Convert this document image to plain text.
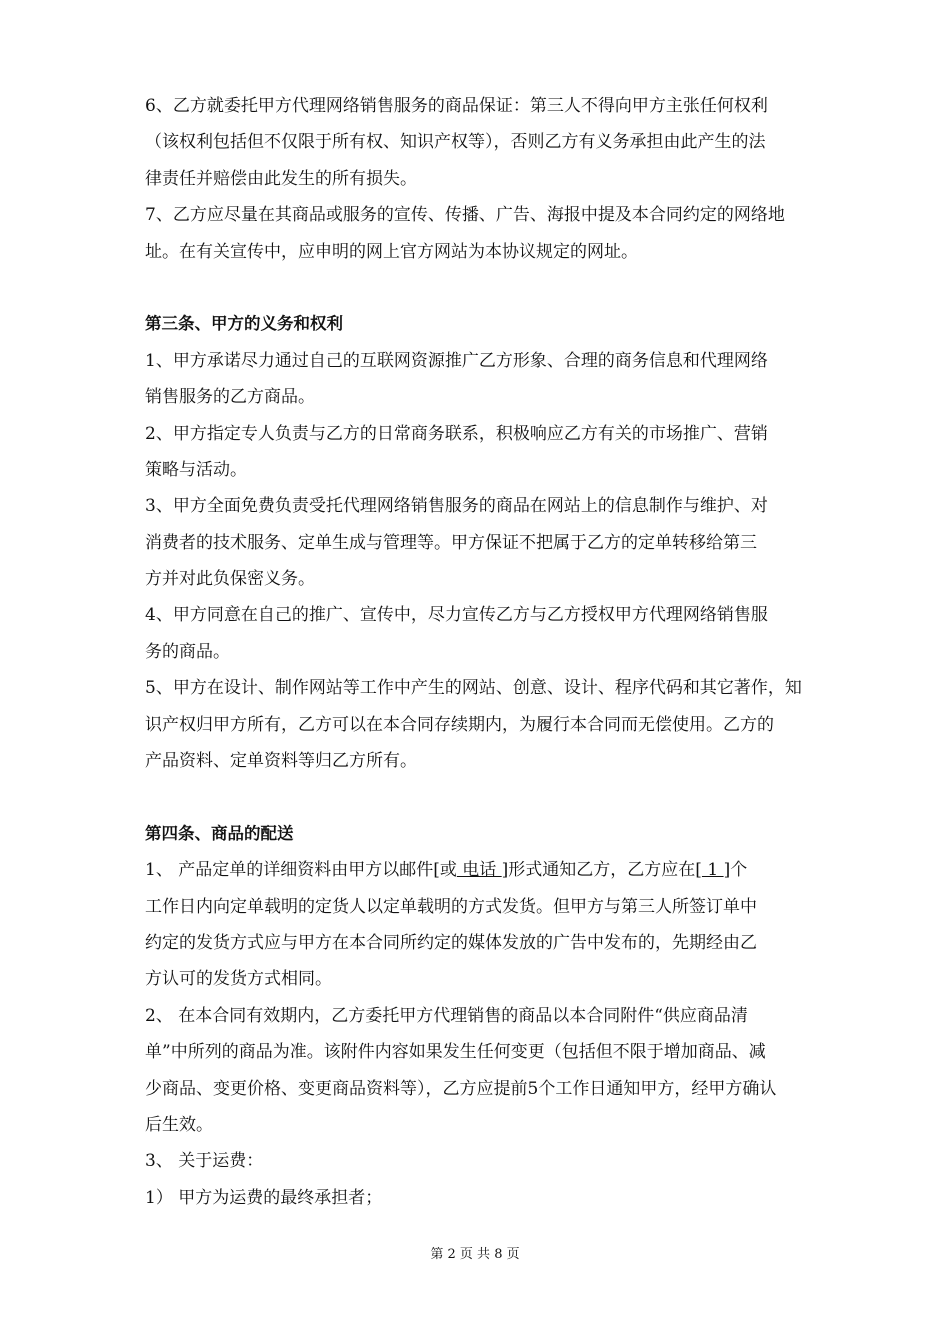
6、乙方就委托甲方代理网络销售服务的商品保证：第三人不得向甲方主张任何权利
（该权利包括但不仅限于所有权、知识产权等），否则乙方有义务承担由此产生的法
律责任并赔偿由此发生的所有损失。
7、乙方应尽量在其商品或服务的宣传、传播、广告、海报中提及本合同约定的网络地
址。在有关宣传中，应申明的网上官方网站为本协议规定的网址。
第三条、甲方的义务和权利
1、甲方承诺尽力通过自己的互联网资源推广乙方形象、合理的商务信息和代理网络
销售服务的乙方商品。
2、甲方指定专人负责与乙方的日常商务联系，积极响应乙方有关的市场推广、营销
策略与活动。
3、甲方全面免费负责受托代理网络销售服务的商品在网站上的信息制作与维护、对
消费者的技术服务、定单生成与管理等。甲方保证不把属于乙方的定单转移给第三
方并对此负保密义务。
4、甲方同意在自己的推广、宣传中，尽力宣传乙方与乙方授权甲方代理网络销售服
务的商品。
5、甲方在设计、制作网站等工作中产生的网站、创意、设计、程序代码和其它著作，知
识产权归甲方所有，乙方可以在本合同存续期内，为履行本合同而无偿使用。乙方的
产品资料、定单资料等归乙方所有。
第四条、商品的配送
1、 产品定单的详细资料由甲方以邮件[或 电话 ]形式通知乙方，乙方应在[ 1 ]个
工作日内向定单载明的定货人以定单载明的方式发货。但甲方与第三人所签订单中
约定的发货方式应与甲方在本合同所约定的媒体发放的广告中发布的，先期经由乙
方认可的发货方式相同。
2、 在本合同有效期内，乙方委托甲方代理销售的商品以本合同附件“供应商品清
单”中所列的商品为准。该附件内容如果发生任何变更（包括但不限于增加商品、减
少商品、变更价格、变更商品资料等），乙方应提前5个工作日通知甲方，经甲方确认
后生效。
3、 关于运费：
1） 甲方为运费的最终承担者；
第 2 页 共 8 页
